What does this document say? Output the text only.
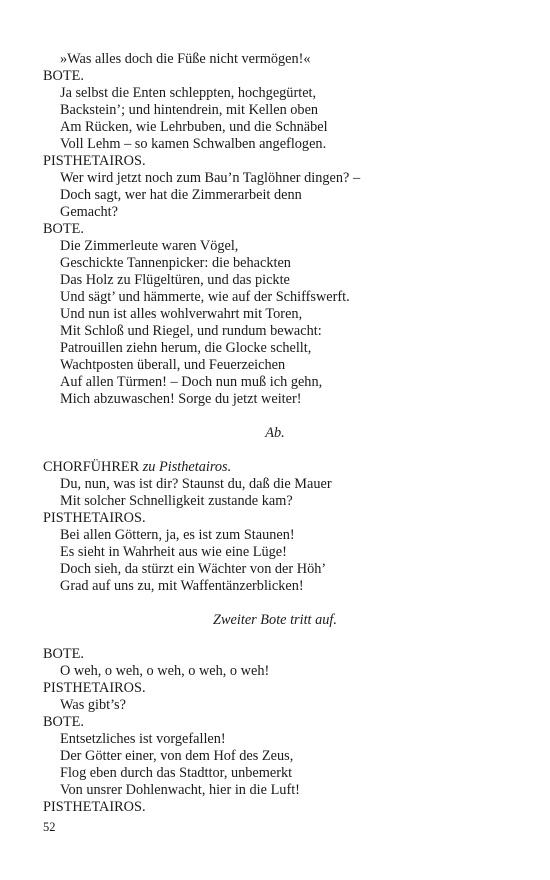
»Was alles doch die Füße nicht vermögen!«
BOTE.
Ja selbst die Enten schleppten, hochgegürtet,
Backstein’; und hintendrein, mit Kellen oben
Am Rücken, wie Lehrbuben, und die Schnäbel
Voll Lehm – so kamen Schwalben angeflogen.
PISTHETAIROS.
Wer wird jetzt noch zum Bau’n Taglöhner dingen? –
Doch sagt, wer hat die Zimmerarbeit denn
Gemacht?
BOTE.
Die Zimmerleute waren Vögel,
Geschickte Tannenpicker: die behackten
Das Holz zu Flügeltüren, und das pickte
Und sägt’ und hämmerte, wie auf der Schiffswerft.
Und nun ist alles wohlverwahrt mit Toren,
Mit Schloß und Riegel, und rundum bewacht:
Patrouillen ziehn herum, die Glocke schellt,
Wachtposten überall, und Feuerzeichen
Auf allen Türmen! – Doch nun muß ich gehn,
Mich abzuwaschen! Sorge du jetzt weiter!
Ab.
CHORFÜHRER zu Pisthetairos.
Du, nun, was ist dir? Staunst du, daß die Mauer
Mit solcher Schnelligkeit zustande kam?
PISTHETAIROS.
Bei allen Göttern, ja, es ist zum Staunen!
Es sieht in Wahrheit aus wie eine Lüge!
Doch sieh, da stürzt ein Wächter von der Höh’
Grad auf uns zu, mit Waffentänzerblicken!
Zweiter Bote tritt auf.
BOTE.
O weh, o weh, o weh, o weh, o weh!
PISTHETAIROS.
Was gibt’s?
BOTE.
Entsetzliches ist vorgefallen!
Der Götter einer, von dem Hof des Zeus,
Flog eben durch das Stadttor, unbemerkt
Von unsrer Dohlenwacht, hier in die Luft!
PISTHETAIROS.
52
